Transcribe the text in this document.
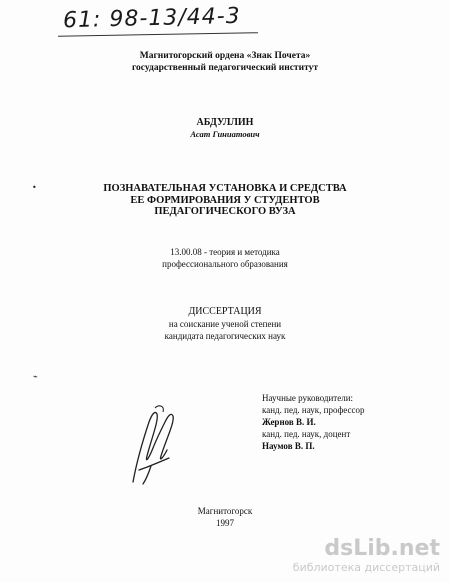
61: 98-13/44-3
Магнитогорский ордена «Знак Почета»
государственный педагогический институт
АБДУЛЛИН
Асат Гиниатович
•	ПОЗНАВАТЕЛЬНАЯ УСТАНОВКА И СРЕДСТВА
ЕЕ ФОРМИРОВАНИЯ У СТУДЕНТОВ
ПЕДАГОГИЧЕСКОГО ВУЗА
13.00.08 - теория и методика
профессионального образования
ДИССЕРТАЦИЯ
на соискание ученой степени
кандидата педагогических наук
⌁
Научные руководители:
канд. пед. наук, профессор
Жернов В. И.
канд. пед. наук, доцент
Наумов В. П.
Магнитогорск
1997
dsLib.net
библиотека диссертаций
